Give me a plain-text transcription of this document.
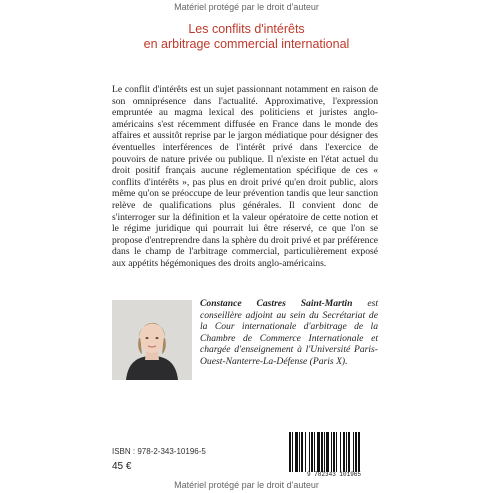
Matériel protégé par le droit d'auteur
Les conflits d'intérêts
en arbitrage commercial international
Le conflit d'intérêts est un sujet passionnant notamment en raison de son omniprésence dans l'actualité. Approximative, l'expression empruntée au magma lexical des politiciens et juristes anglo-américains s'est récemment diffusée en France dans le monde des affaires et aussitôt reprise par le jargon médiatique pour désigner des éventuelles interférences de l'intérêt privé dans l'exercice de pouvoirs de nature privée ou publique. Il n'existe en l'état actuel du droit positif français aucune réglementation spécifique de ces « conflits d'intérêts », pas plus en droit privé qu'en droit public, alors même qu'on se préoccupe de leur prévention tandis que leur sanction relève de qualifications plus générales. Il convient donc de s'interroger sur la définition et la valeur opératoire de cette notion et le régime juridique qui pourrait lui être réservé, ce que l'on se propose d'entreprendre dans la sphère du droit privé et par préférence dans le champ de l'arbitrage commercial, particulièrement exposé aux appétits hégémoniques des droits anglo-américains.
Constance Castres Saint-Martin est conseillère adjoint au sein du Secrétariat de la Cour internationale d'arbitrage de la Chambre de Commerce Internationale et chargée d'enseignement à l'Université Paris-Ouest-Nanterre-La-Défense (Paris X).
ISBN : 978-2-343-10196-5
45 €
9 782343 101965
Matériel protégé par le droit d'auteur
